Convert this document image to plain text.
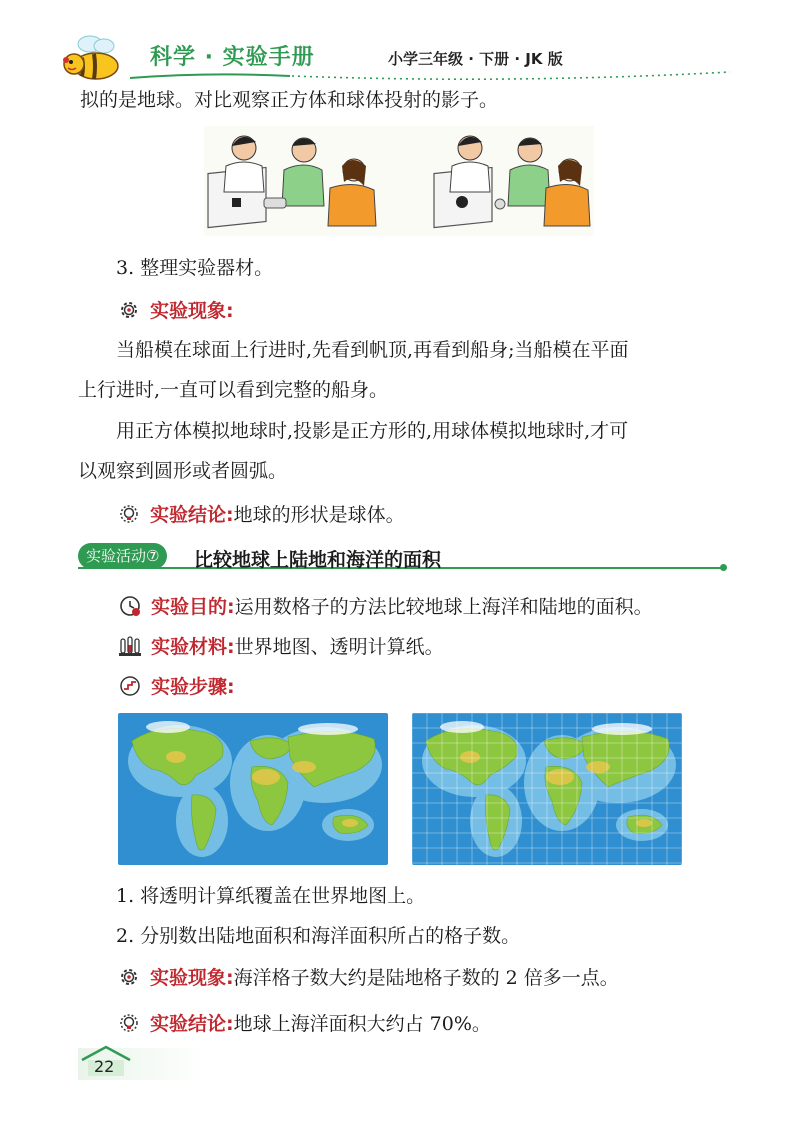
科学 · 实验手册	小学三年级 · 下册 · JK 版
拟的是地球。对比观察正方体和球体投射的影子。
3. 整理实验器材。
实验现象:
当船模在球面上行进时,先看到帆顶,再看到船身;当船模在平面
上行进时,一直可以看到完整的船身。
用正方体模拟地球时,投影是正方形的,用球体模拟地球时,才可
以观察到圆形或者圆弧。
实验结论:地球的形状是球体。
实验活动⑦	比较地球上陆地和海洋的面积
实验目的:运用数格子的方法比较地球上海洋和陆地的面积。
实验材料:世界地图、透明计算纸。
实验步骤:
1. 将透明计算纸覆盖在世界地图上。
2. 分别数出陆地面积和海洋面积所占的格子数。
实验现象:海洋格子数大约是陆地格子数的 2 倍多一点。
实验结论:地球上海洋面积大约占 70%。
22
